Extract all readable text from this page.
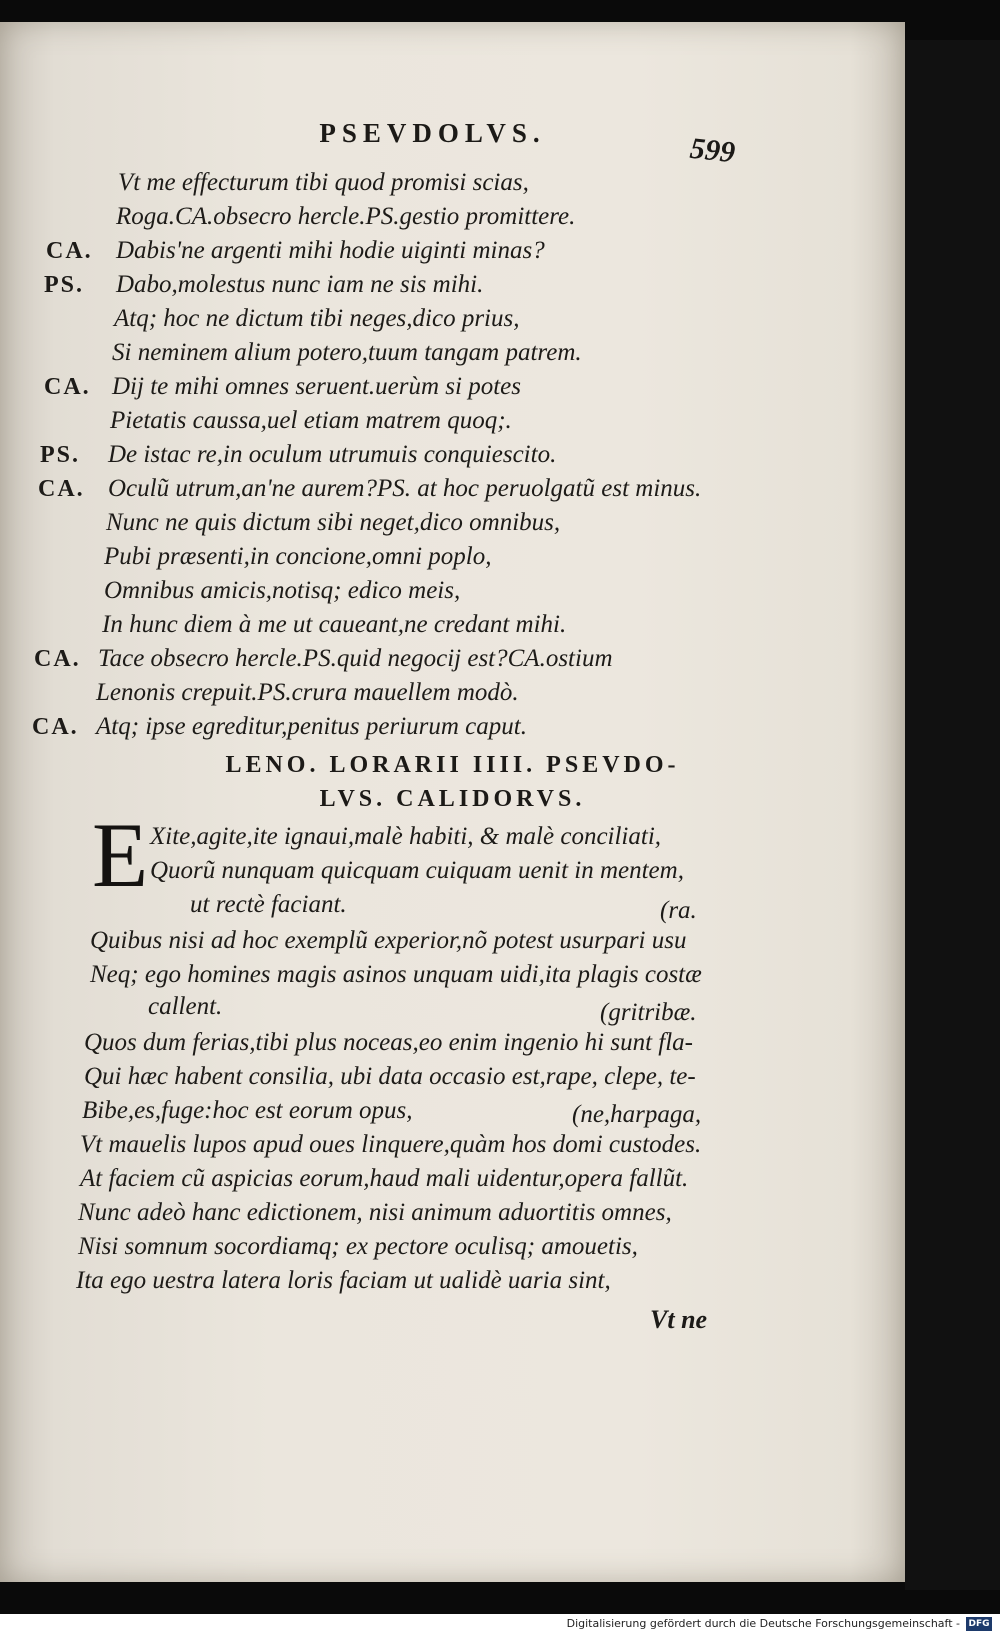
PSEVDOLVS.	599
Vt me effecturum tibi quod promisi scias,
Roga.CA.obsecro hercle.PS.gestio promittere.
CA. Dabis'ne argenti mihi hodie uiginti minas?
PS. Dabo,molestus nunc iam ne sis mihi.
Atq; hoc ne dictum tibi neges,dico prius,
Si neminem alium potero,tuum tangam patrem.
CA. Dij te mihi omnes seruent.uerùm si potes
Pietatis caussa,uel etiam matrem quoq;.
PS. De istac re,in oculum utrumuis conquiescito.
CA. Oculũ utrum,an'ne aurem?PS. at hoc peruolgatũ est minus.
Nunc ne quis dictum sibi neget,dico omnibus,
Pubi præsenti,in concione,omni poplo,
Omnibus amicis,notisq; edico meis,
In hunc diem à me ut caueant,ne credant mihi.
CA. Tace obsecro hercle.PS.quid negocij est?CA.ostium
Lenonis crepuit.PS.crura mauellem modò.
CA. Atq; ipse egreditur,penitus periurum caput.
LENO. LORARII IIII. PSEVDO-
LVS. CALIDORVS.
E Xite,agite,ite ignaui,malè habiti, & malè conciliati,
Quorũ nunquam quicquam cuiquam uenit in mentem,
ut rectè faciant.	(ra.
Quibus nisi ad hoc exemplũ experior,nõ potest usurpari usu
Neq; ego homines magis asinos unquam uidi,ita plagis costæ
callent.	(gritribæ.
Quos dum ferias,tibi plus noceas,eo enim ingenio hi sunt fla-
Qui hæc habent consilia, ubi data occasio est,rape, clepe, te-
Bibe,es,fuge:hoc est eorum opus,	(ne,harpaga,
Vt mauelis lupos apud oues linquere,quàm hos domi custodes.
At faciem cũ aspicias eorum,haud mali uidentur,opera fallũt.
Nunc adeò hanc edictionem, nisi animum aduortitis omnes,
Nisi somnum socordiamq; ex pectore oculisq; amouetis,
Ita ego uestra latera loris faciam ut ualidè uaria sint,
Vt ne
Digitalisierung gefördert durch die Deutsche Forschungsgemeinschaft - DFG
